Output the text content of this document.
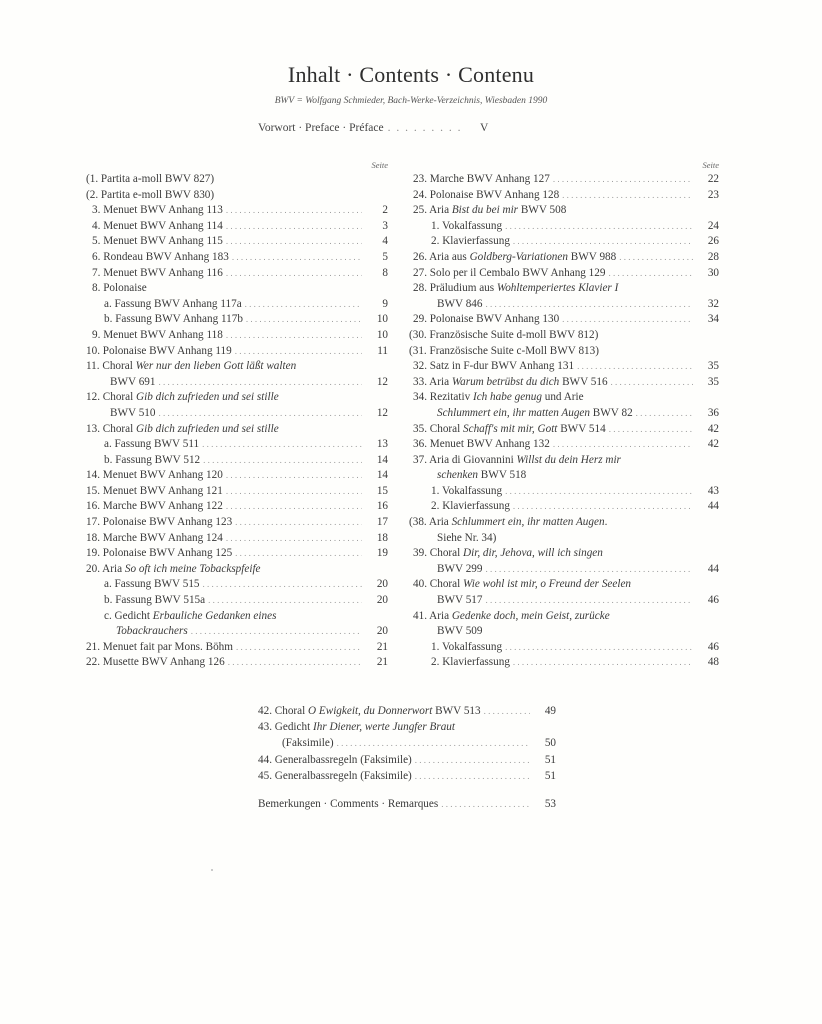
Inhalt · Contents · Contenu
BWV = Wolfgang Schmieder, Bach-Werke-Verzeichnis, Wiesbaden 1990
Vorwort · Preface · Préface . . . . . . . . . V
Seite
(1. Partita a-moll BWV 827)
(2. Partita e-moll BWV 830)
3. Menuet BWV Anhang 113 . . .	2
4. Menuet BWV Anhang 114 . . .	3
5. Menuet BWV Anhang 115 . . .	4
6. Rondeau BWV Anhang 183 . . .	5
7. Menuet BWV Anhang 116 . . .	8
8. Polonaise
a. Fassung BWV Anhang 117a . . .	9
b. Fassung BWV Anhang 117b . . .	10
9. Menuet BWV Anhang 118 . . .	10
10. Polonaise BWV Anhang 119 . . .	11
11. Choral Wer nur den lieben Gott läßt walten
BWV 691 . . .	12
12. Choral Gib dich zufrieden und sei stille
BWV 510 . . .	12
13. Choral Gib dich zufrieden und sei stille
a. Fassung BWV 511 . . .	13
b. Fassung BWV 512 . . .	14
14. Menuet BWV Anhang 120 . . .	14
15. Menuet BWV Anhang 121 . . .	15
16. Marche BWV Anhang 122 . . .	16
17. Polonaise BWV Anhang 123 . . .	17
18. Marche BWV Anhang 124 . . .	18
19. Polonaise BWV Anhang 125 . . .	19
20. Aria So oft ich meine Tobackspfeife
a. Fassung BWV 515 . . .	20
b. Fassung BWV 515a . . .	20
c. Gedicht Erbauliche Gedanken eines
Tobackrauchers . . .	20
21. Menuet fait par Mons. Böhm . . .	21
22. Musette BWV Anhang 126 . . .	21
Seite
23. Marche BWV Anhang 127 . . .	22
24. Polonaise BWV Anhang 128 . . .	23
25. Aria Bist du bei mir BWV 508
1. Vokalfassung . . .	24
2. Klavierfassung . . .	26
26. Aria aus Goldberg-Variationen BWV 988 . . .	28
27. Solo per il Cembalo BWV Anhang 129 . . .	30
28. Präludium aus Wohltemperiertes Klavier I
BWV 846 . . .	32
29. Polonaise BWV Anhang 130 . . .	34
(30. Französische Suite d-moll BWV 812)
(31. Französische Suite c-Moll BWV 813)
32. Satz in F-dur BWV Anhang 131 . . .	35
33. Aria Warum betrübst du dich BWV 516 . . .	35
34. Rezitativ Ich habe genug und Arie
Schlummert ein, ihr matten Augen BWV 82 . . .	36
35. Choral Schaff's mit mir, Gott BWV 514 . . .	42
36. Menuet BWV Anhang 132 . . .	42
37. Aria di Giovannini Willst du dein Herz mir
schenken BWV 518
1. Vokalfassung . . .	43
2. Klavierfassung . . .	44
(38. Aria Schlummert ein, ihr matten Augen.
Siehe Nr. 34)
39. Choral Dir, dir, Jehova, will ich singen
BWV 299 . . .	44
40. Choral Wie wohl ist mir, o Freund der Seelen
BWV 517 . . .	46
41. Aria Gedenke doch, mein Geist, zurücke
BWV 509
1. Vokalfassung . . .	46
2. Klavierfassung . . .	48
42. Choral O Ewigkeit, du Donnerwort BWV 513 . . .	49
43. Gedicht Ihr Diener, werte Jungfer Braut
(Faksimile) . . .	50
44. Generalbassregeln (Faksimile) . . .	51
45. Generalbassregeln (Faksimile) . . .	51
Bemerkungen · Comments · Remarques . . .	53
